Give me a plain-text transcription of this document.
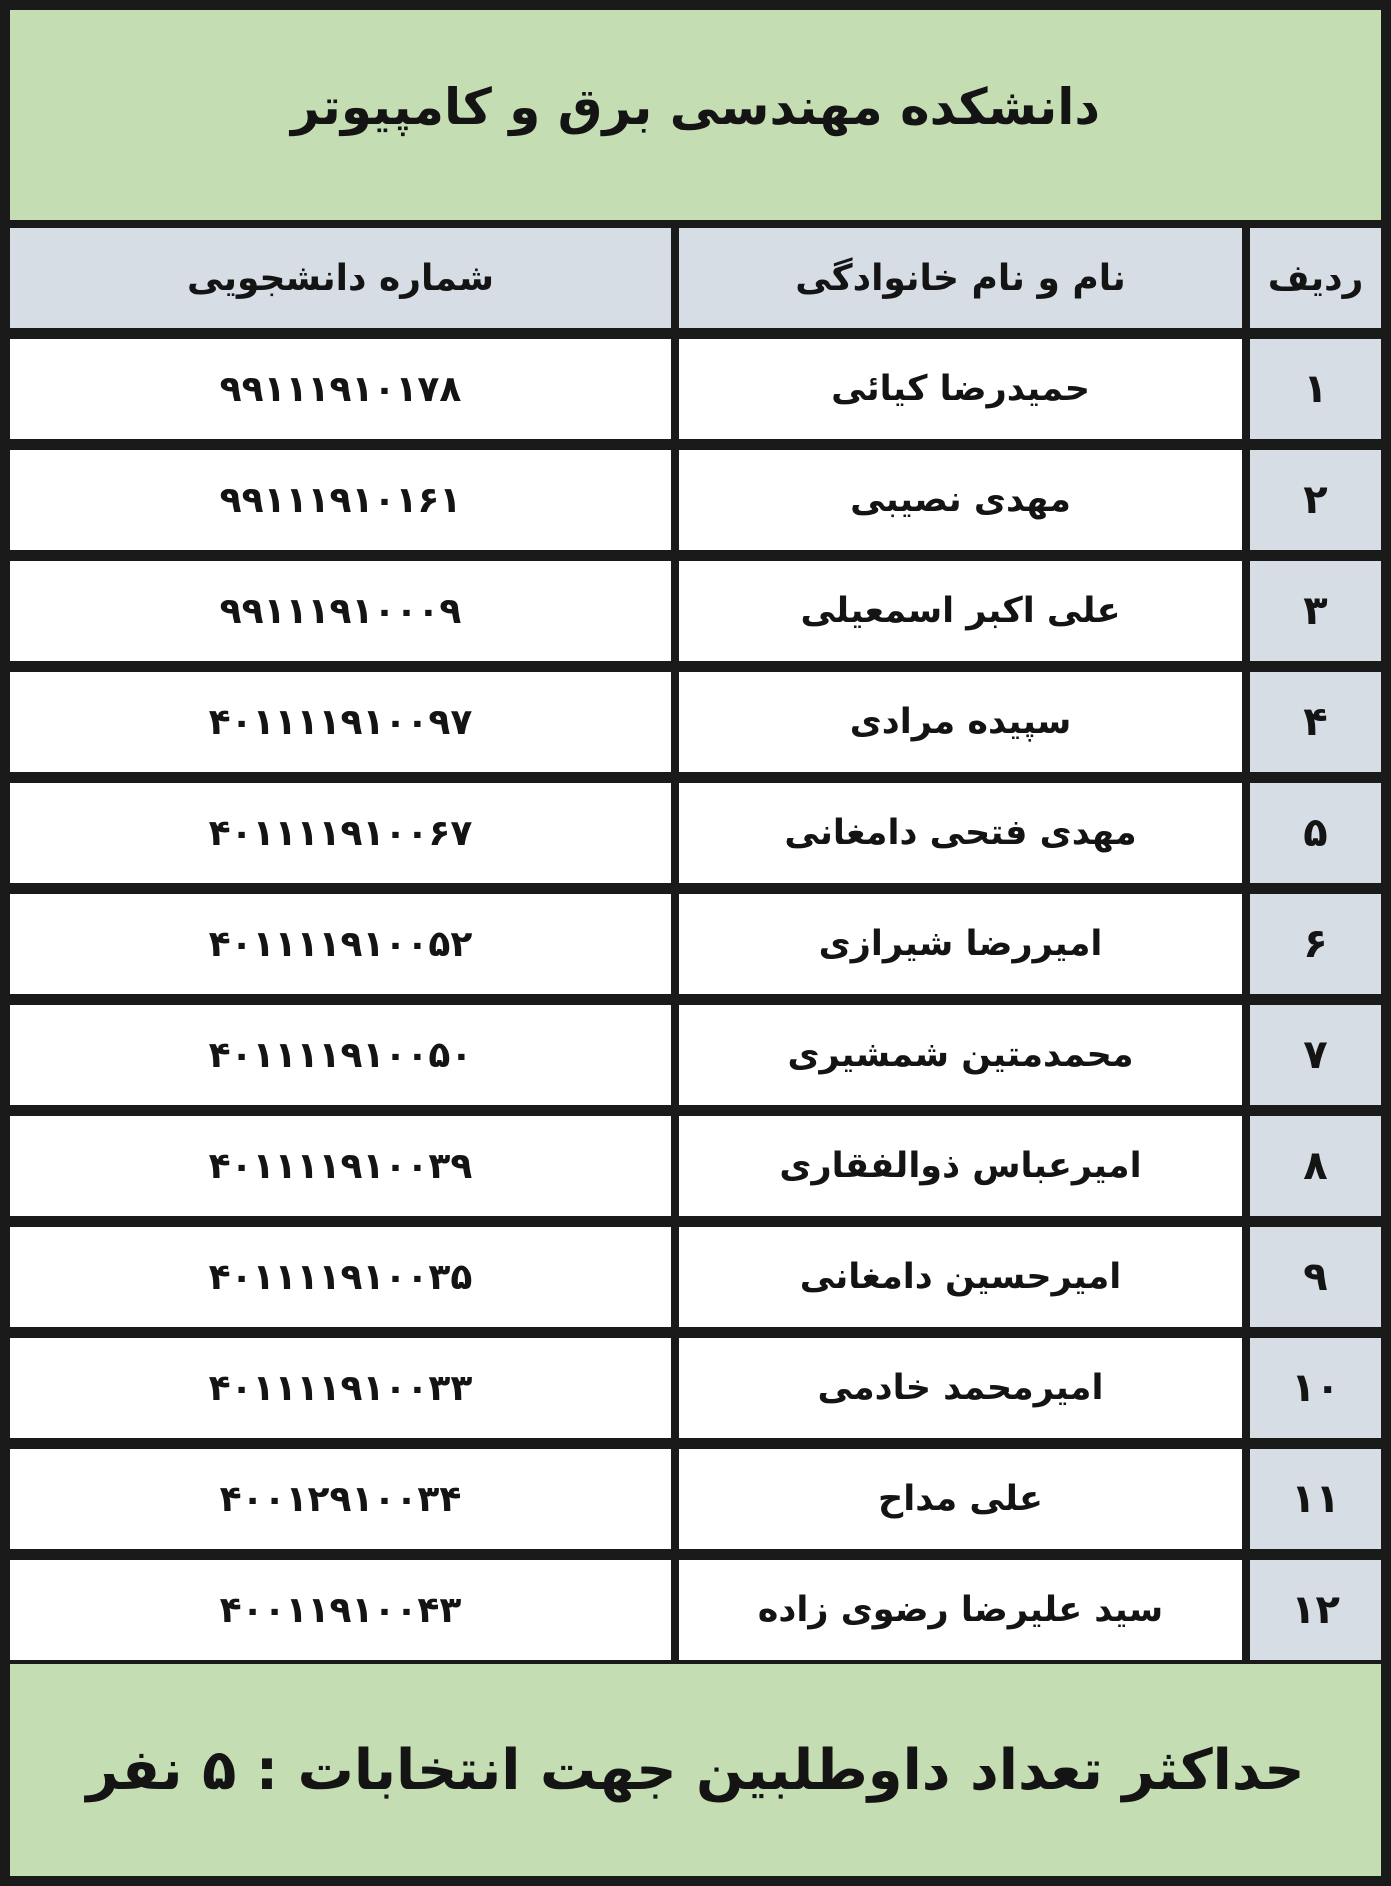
دانشکده مهندسی برق و کامپیوتر
شماره دانشجویی	نام و نام خانوادگی	ردیف
۹۹۱۱۱۹۱۰۱۷۸	حمیدرضا کیائی	۱
۹۹۱۱۱۹۱۰۱۶۱	مهدی نصیبی	۲
۹۹۱۱۱۹۱۰۰۰۹	علی اکبر اسمعیلی	۳
۴۰۱۱۱۱۹۱۰۰۹۷	سپیده مرادی	۴
۴۰۱۱۱۱۹۱۰۰۶۷	مهدی فتحی دامغانی	۵
۴۰۱۱۱۱۹۱۰۰۵۲	امیررضا شیرازی	۶
۴۰۱۱۱۱۹۱۰۰۵۰	محمدمتین شمشیری	۷
۴۰۱۱۱۱۹۱۰۰۳۹	امیرعباس ذوالفقاری	۸
۴۰۱۱۱۱۹۱۰۰۳۵	امیرحسین دامغانی	۹
۴۰۱۱۱۱۹۱۰۰۳۳	امیرمحمد خادمی	۱۰
۴۰۰۱۲۹۱۰۰۳۴	علی مداح	۱۱
۴۰۰۱۱۹۱۰۰۴۳	سید علیرضا رضوی زاده	۱۲
حداکثر تعداد داوطلبین جهت انتخابات : ۵ نفر
